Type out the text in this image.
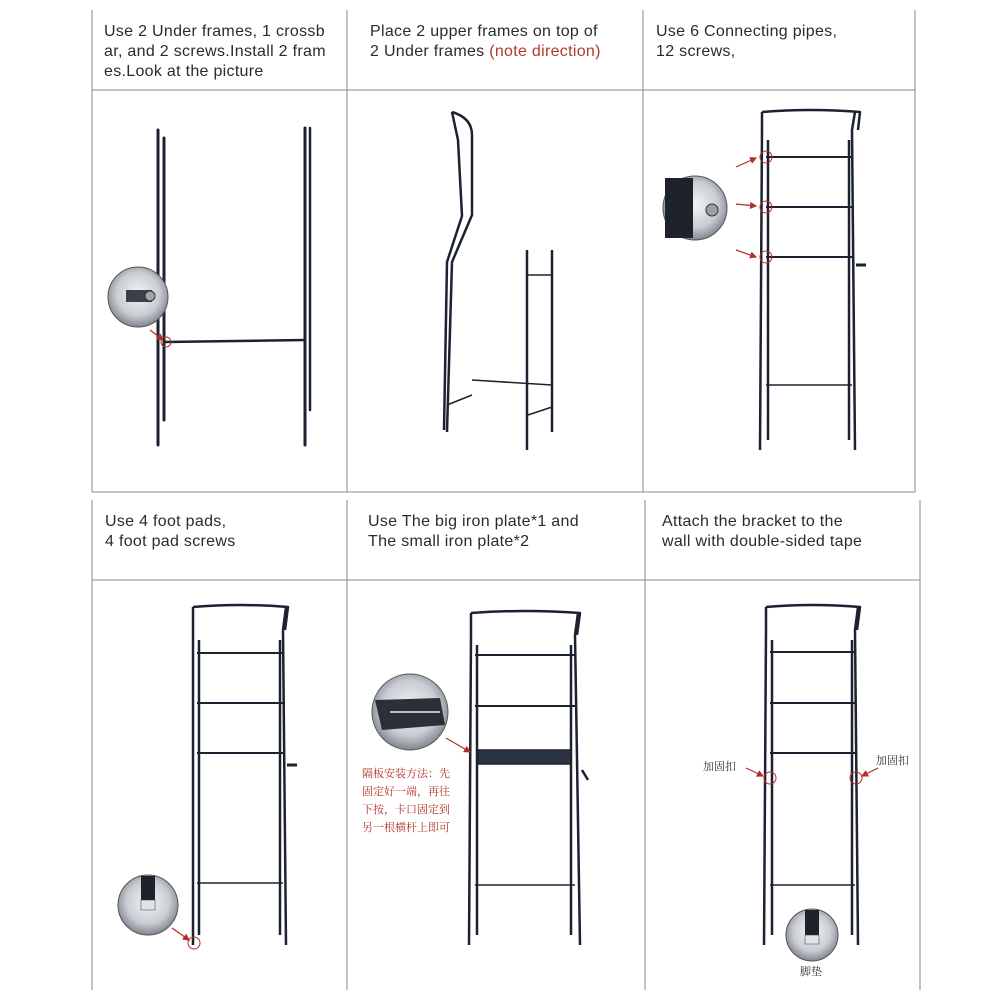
Use 2 Under frames, 1 crossb
ar, and 2 screws.Install 2 fram
es.Look at the picture
Place 2 upper frames on top of
2 Under frames (note direction)
Use 6 Connecting pipes,
12 screws,
Use 4 foot pads,
4 foot pad screws
Use The big iron plate*1 and
The small iron plate*2
Attach the bracket to the
wall with double-sided tape
隔板安装方法：先
固定好一端，再往
下按，卡口固定到
另一根横杆上即可
加固扣	加固扣
脚垫
